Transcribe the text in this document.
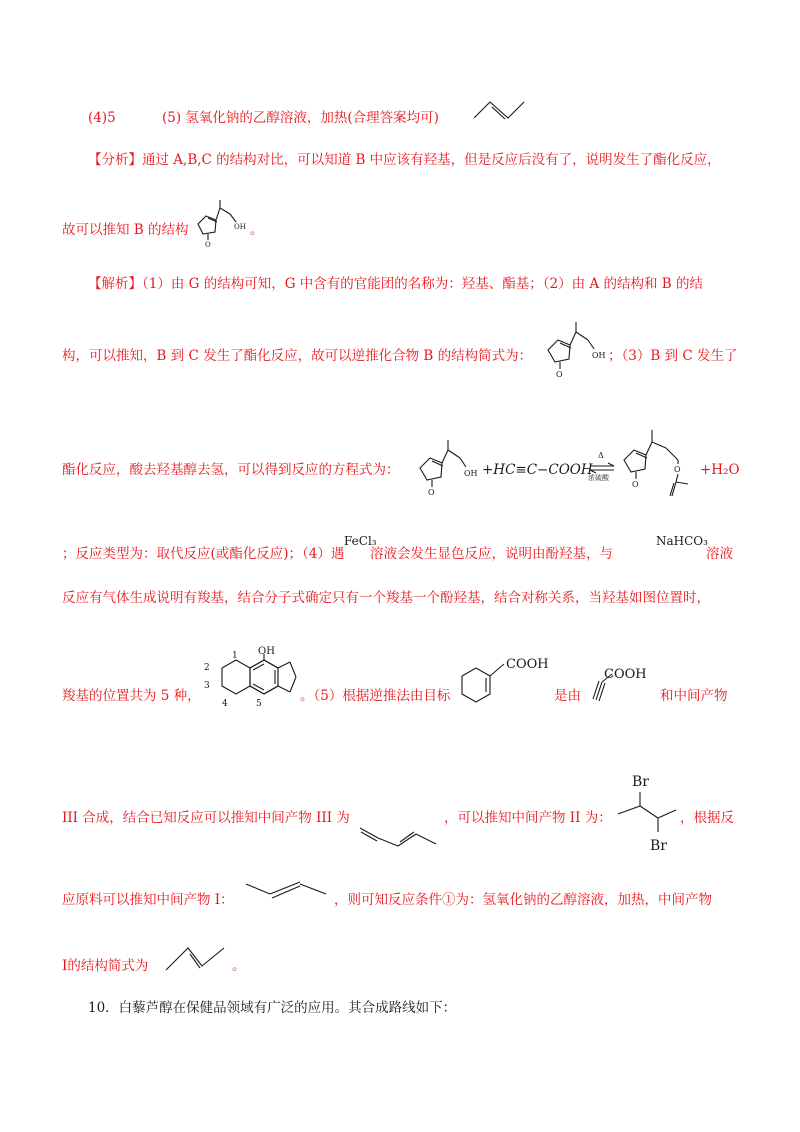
(4)5	(5) 氢氧化钠的乙醇溶液，加热(合理答案均可)
【分析】通过 A,B,C 的结构对比，可以知道 B 中应该有羟基，但是反应后没有了，说明发生了酯化反应，
故可以推知 B 的结构
O
OH 。
【解析】（1）由 G 的结构可知，G 中含有的官能团的名称为：羟基、酯基；（2）由 A 的结构和 B 的结
构，可以推知，B 到 C 发生了酯化反应，故可以逆推化合物 B 的结构简式为：
O
OH ；（3）B 到 C 发生了
酯化反应，酸去羟基醇去氢，可以得到反应的方程式为：
O
OH +HC≡C−COOH
Δ
浓硫酸
O
O +H₂O
；反应类型为：取代反应(或酯化反应)；（4）遇
FeCl₃
溶液会发生显色反应，说明由酚羟基，与
NaHCO₃
溶液
反应有气体生成说明有羧基，结合分子式确定只有一个羧基一个酚羟基，结合对称关系，当羟基如图位置时，
羧基的位置共为 5 种，
OH
1
2
3
4	5	。（5）根据逆推法由目标
COOH
是由
COOH
和中间产物
III 合成，结合已知反应可以推知中间产物 III 为	，可以推知中间产物 II 为：
Br
Br
，根据反
应原料可以推知中间产物 I：	，则可知反应条件①为：氢氧化钠的乙醇溶液，加热，中间产物
Ⅰ的结构简式为	。
10．白藜芦醇在保健品领域有广泛的应用。其合成路线如下：
